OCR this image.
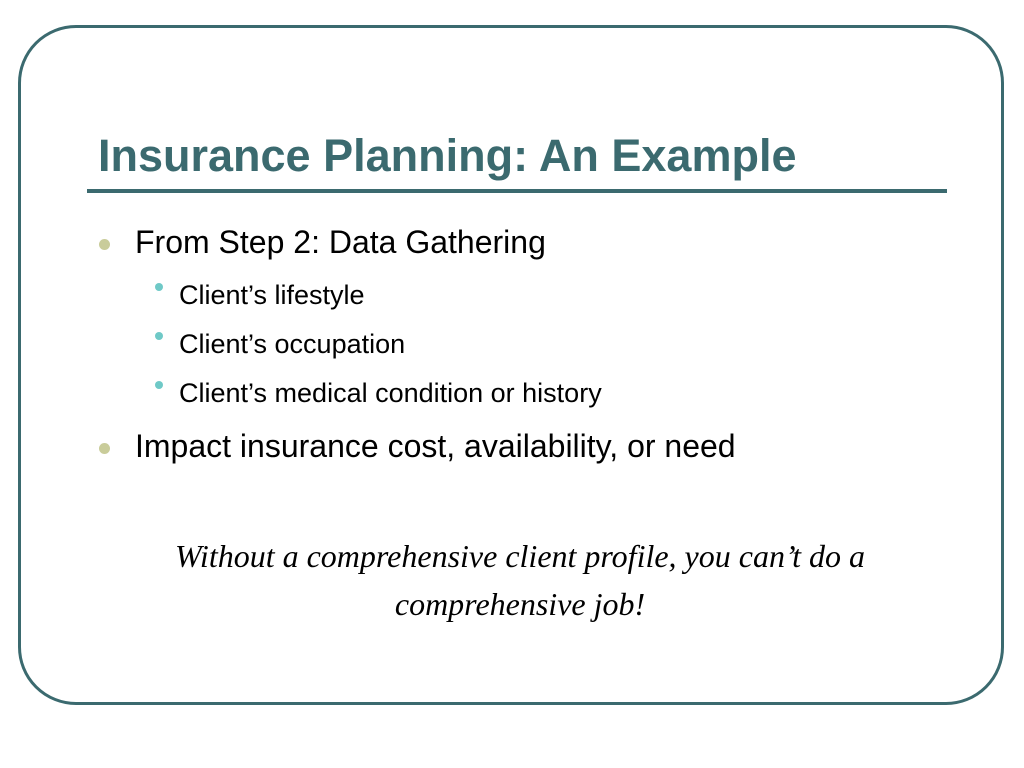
Insurance Planning: An Example
From Step 2: Data Gathering
Client’s lifestyle
Client’s occupation
Client’s medical condition or history
Impact insurance cost, availability, or need

Without a comprehensive client profile, you can’t do a comprehensive job!
